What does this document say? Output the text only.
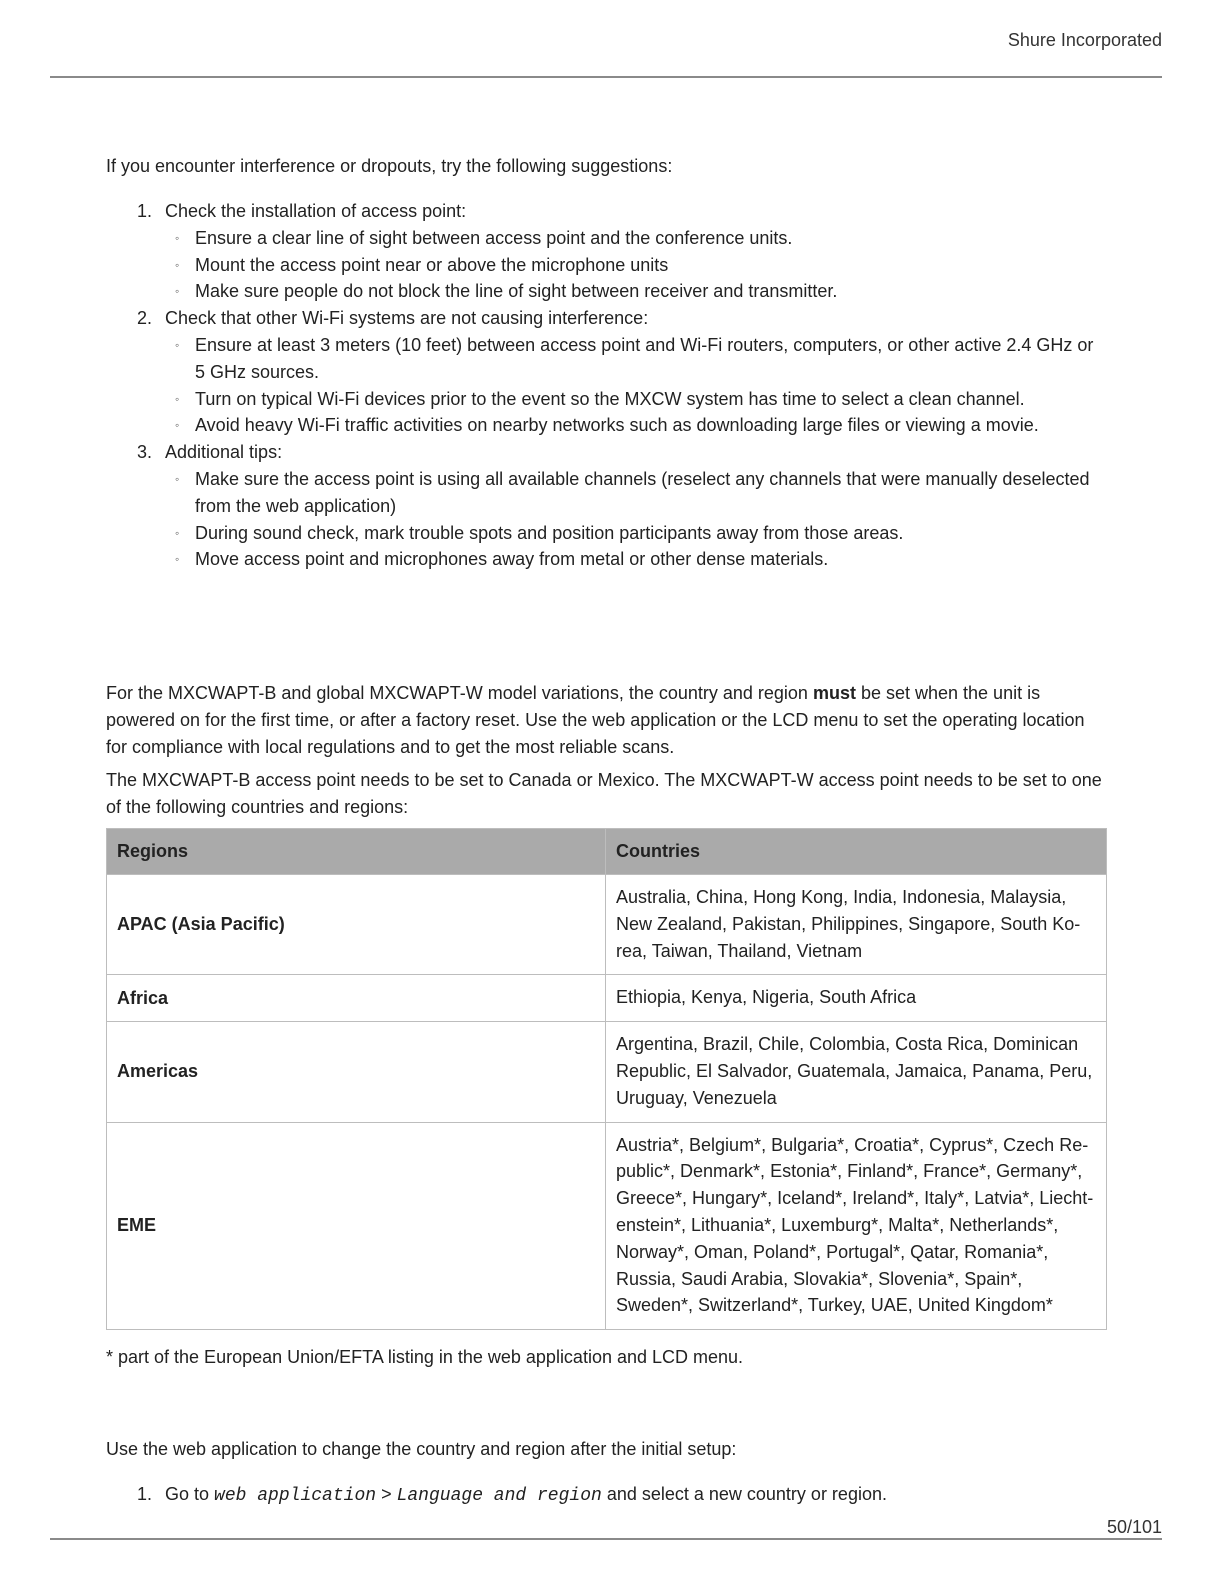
Shure Incorporated

If you encounter interference or dropouts, try the following suggestions:

1. Check the installation of access point:
◦ Ensure a clear line of sight between access point and the conference units.
◦ Mount the access point near or above the microphone units
◦ Make sure people do not block the line of sight between receiver and transmitter.
2. Check that other Wi-Fi systems are not causing interference:
◦ Ensure at least 3 meters (10 feet) between access point and Wi-Fi routers, computers, or other active 2.4 GHz or 5 GHz sources.
◦ Turn on typical Wi-Fi devices prior to the event so the MXCW system has time to select a clean channel.
◦ Avoid heavy Wi-Fi traffic activities on nearby networks such as downloading large files or viewing a movie.
3. Additional tips:
◦ Make sure the access point is using all available channels (reselect any channels that were manually deselected from the web application)
◦ During sound check, mark trouble spots and position participants away from those areas.
◦ Move access point and microphones away from metal or other dense materials.

For the MXCWAPT-B and global MXCWAPT-W model variations, the country and region must be set when the unit is powered on for the first time, or after a factory reset. Use the web application or the LCD menu to set the operating location for compliance with local regulations and to get the most reliable scans.

The MXCWAPT-B access point needs to be set to Canada or Mexico. The MXCWAPT-W access point needs to be set to one of the following countries and regions:

Regions	Countries
APAC (Asia Pacific)	Australia, China, Hong Kong, India, Indonesia, Malaysia, New Zealand, Pakistan, Philippines, Singapore, South Korea, Taiwan, Thailand, Vietnam
Africa	Ethiopia, Kenya, Nigeria, South Africa
Americas	Argentina, Brazil, Chile, Colombia, Costa Rica, Dominican Republic, El Salvador, Guatemala, Jamaica, Panama, Peru, Uruguay, Venezuela
EME	Austria*, Belgium*, Bulgaria*, Croatia*, Cyprus*, Czech Republic*, Denmark*, Estonia*, Finland*, France*, Germany*, Greece*, Hungary*, Iceland*, Ireland*, Italy*, Latvia*, Liechtenstein*, Lithuania*, Luxemburg*, Malta*, Netherlands*, Norway*, Oman, Poland*, Portugal*, Qatar, Romania*, Russia, Saudi Arabia, Slovakia*, Slovenia*, Spain*, Sweden*, Switzerland*, Turkey, UAE, United Kingdom*

* part of the European Union/EFTA listing in the web application and LCD menu.

Use the web application to change the country and region after the initial setup:

1. Go to web application > Language and region and select a new country or region.
50/101
